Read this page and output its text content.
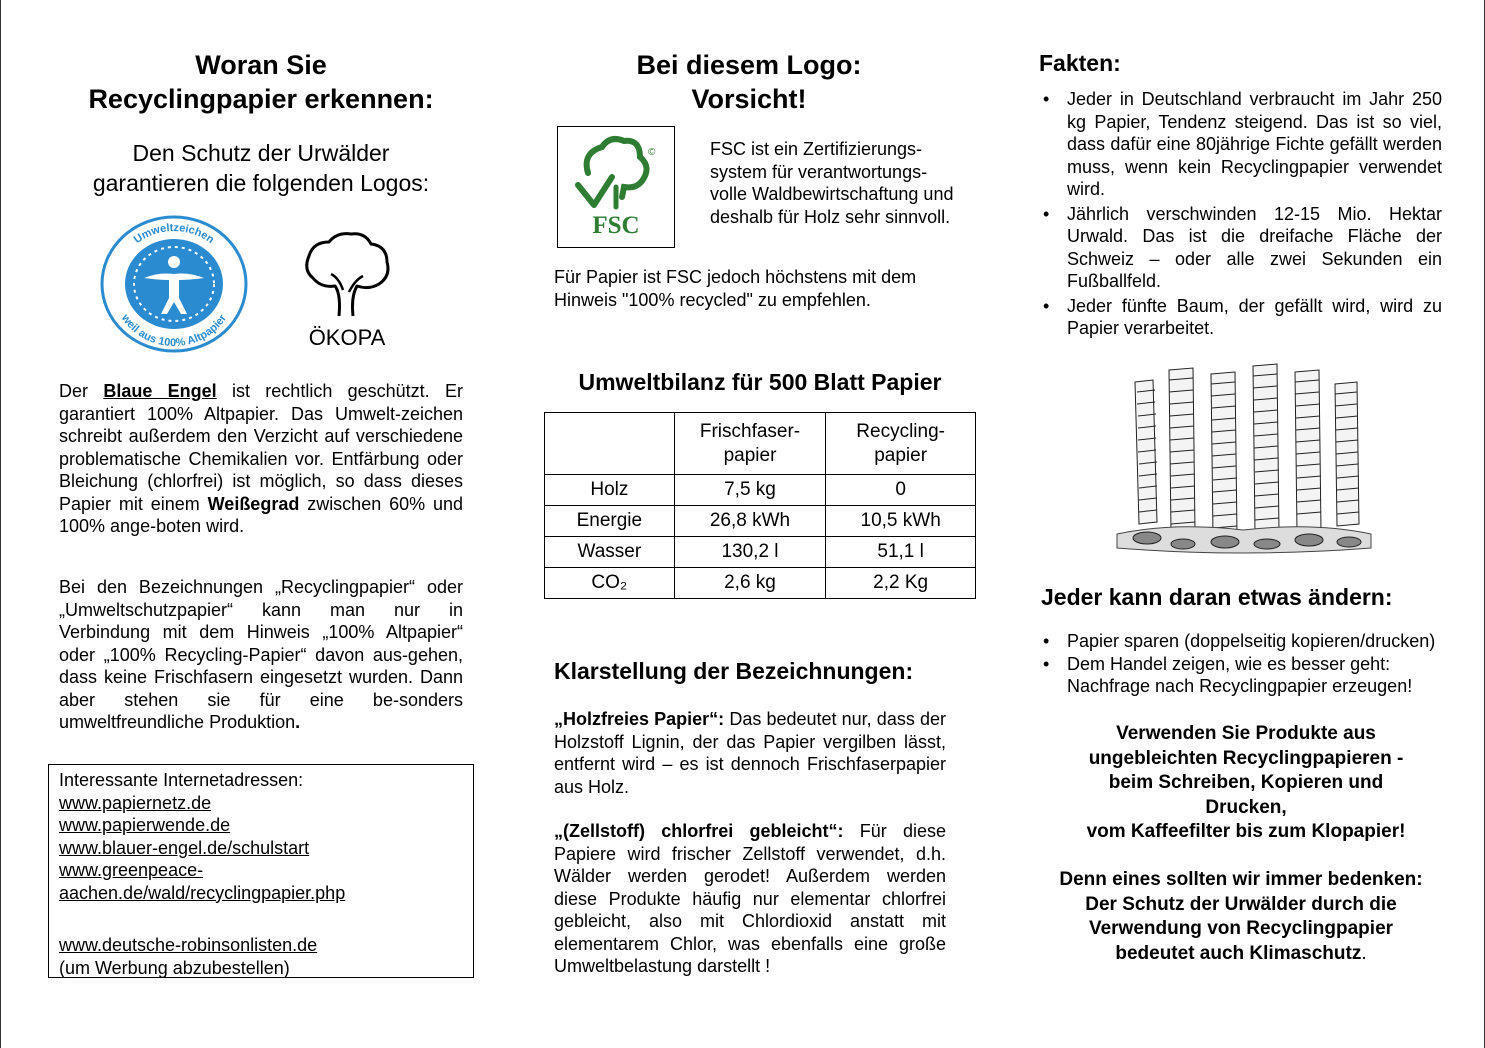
Woran Sie
Recyclingpapier erkennen:
Den Schutz der Urwälder
garantieren die folgenden Logos:
Umweltzeichen
weil aus 100% Altpapier
ÖKOPA
Der Blaue Engel ist rechtlich geschützt. Er garantiert 100% Altpapier. Das Umwelt-zeichen schreibt außerdem den Verzicht auf verschiedene problematische Chemikalien vor. Entfärbung oder Bleichung (chlorfrei) ist möglich, so dass dieses Papier mit einem Weißegrad zwischen 60% und 100% ange-boten wird.
Bei den Bezeichnungen „Recyclingpapier“ oder „Umweltschutzpapier“ kann man nur in Verbindung mit dem Hinweis „100% Altpapier“ oder „100% Recycling-Papier“ davon aus-gehen, dass keine Frischfasern eingesetzt wurden. Dann aber stehen sie für eine be-sonders umweltfreundliche Produktion.
Interessante Internetadressen:
www.papiernetz.de
www.papierwende.de
www.blauer-engel.de/schulstart
www.greenpeace-
aachen.de/wald/recyclingpapier.php
www.deutsche-robinsonlisten.de
(um Werbung abzubestellen)
Bei diesem Logo:
Vorsicht!
©
FSC
FSC ist ein Zertifizierungs-system für verantwortungs-volle Waldbewirtschaftung und deshalb für Holz sehr sinnvoll.
Für Papier ist FSC jedoch höchstens mit dem Hinweis "100% recycled" zu empfehlen.
Umweltbilanz für 500 Blatt Papier
	Frischfaser-papier	Recycling-papier
Holz	7,5 kg	0
Energie	26,8 kWh	10,5 kWh
Wasser	130,2 l	51,1 l
CO₂	2,6 kg	2,2 Kg
Klarstellung der Bezeichnungen:
„Holzfreies Papier“: Das bedeutet nur, dass der Holzstoff Lignin, der das Papier vergilben lässt, entfernt wird – es ist dennoch Frischfaserpapier aus Holz.
„(Zellstoff) chlorfrei gebleicht“: Für diese Papiere wird frischer Zellstoff verwendet, d.h. Wälder werden gerodet! Außerdem werden diese Produkte häufig nur elementar chlorfrei gebleicht, also mit Chlordioxid anstatt mit elementarem Chlor, was ebenfalls eine große Umweltbelastung darstellt !
Fakten:
• Jeder in Deutschland verbraucht im Jahr 250 kg Papier, Tendenz steigend. Das ist so viel, dass dafür eine 80jährige Fichte gefällt werden muss, wenn kein Recyclingpapier verwendet wird.
• Jährlich verschwinden 12-15 Mio. Hektar Urwald. Das ist die dreifache Fläche der Schweiz – oder alle zwei Sekunden ein Fußballfeld.
• Jeder fünfte Baum, der gefällt wird, wird zu Papier verarbeitet.
Jeder kann daran etwas ändern:
• Papier sparen (doppelseitig kopieren/drucken)
• Dem Handel zeigen, wie es besser geht: Nachfrage nach Recyclingpapier erzeugen!
Verwenden Sie Produkte aus
ungebleichten Recyclingpapieren -
beim Schreiben, Kopieren und
Drucken,
vom Kaffeefilter bis zum Klopapier!
Denn eines sollten wir immer bedenken:
Der Schutz der Urwälder durch die
Verwendung von Recyclingpapier
bedeutet auch Klimaschutz.
